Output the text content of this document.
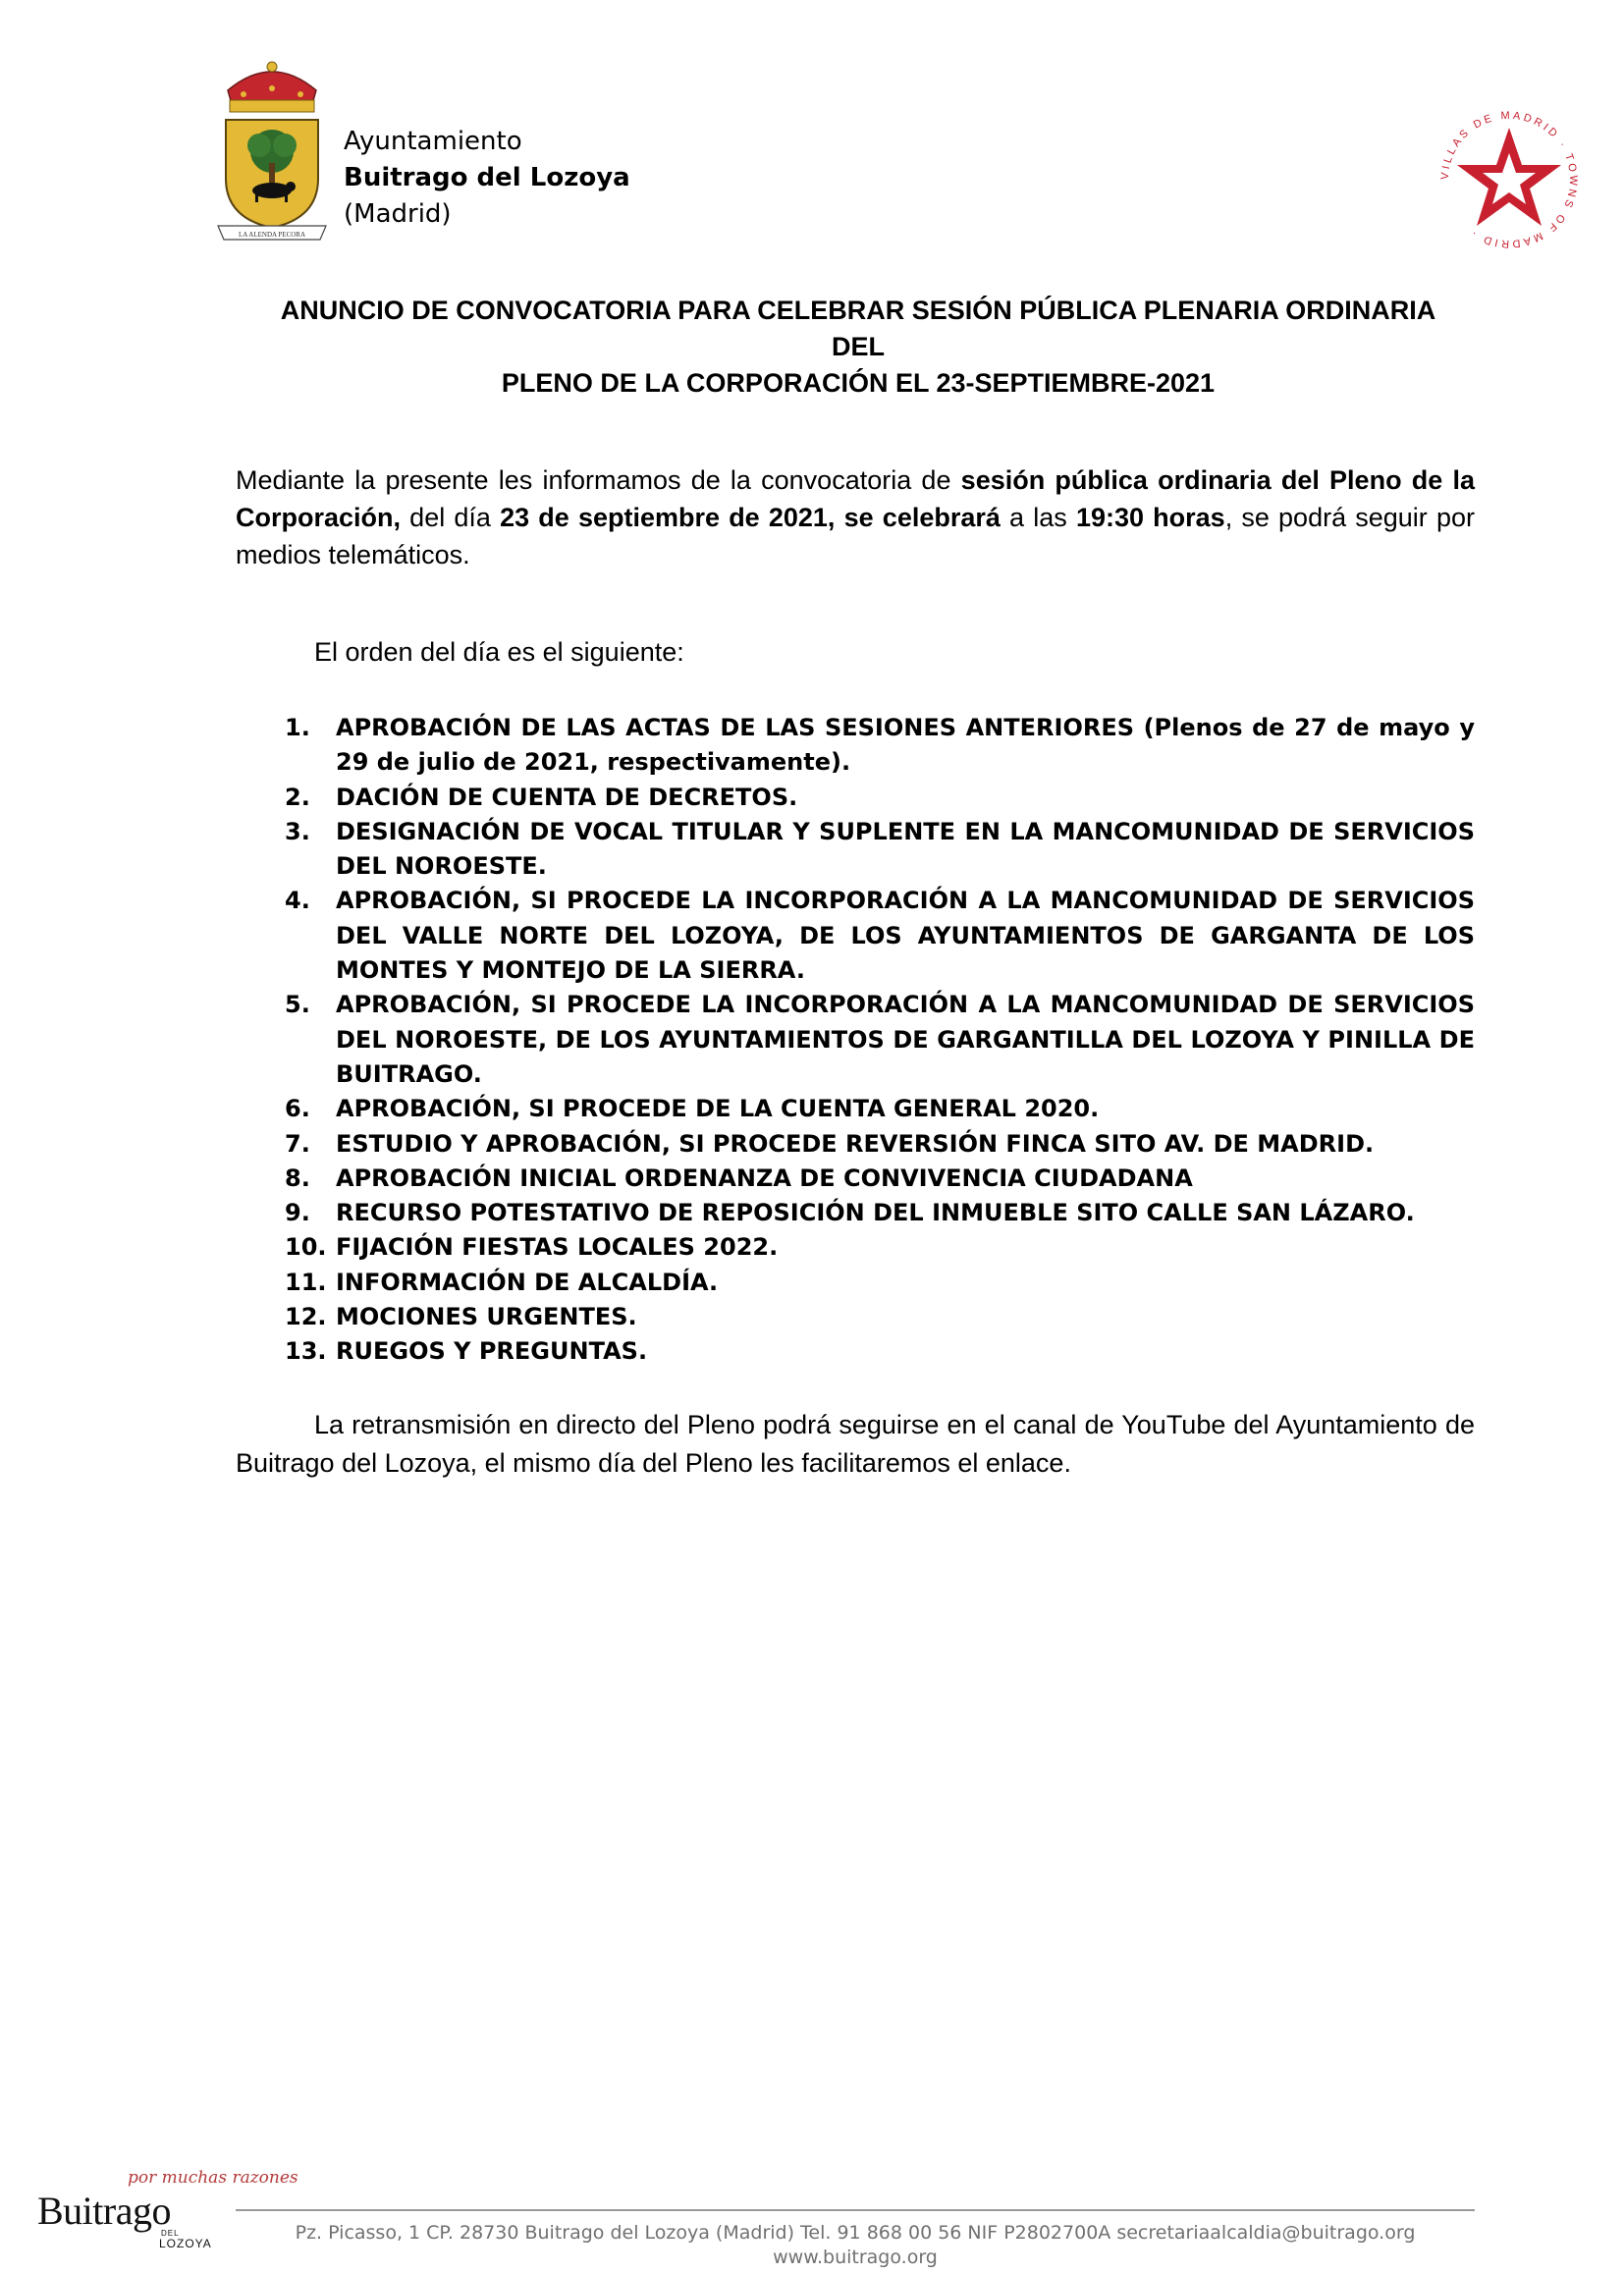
LA ALENDA PECORA
Ayuntamiento
Buitrago del Lozoya
(Madrid)
VILLAS DE MADRID · TOWNS OF MADRID ·
ANUNCIO DE CONVOCATORIA PARA CELEBRAR SESIÓN PÚBLICA PLENARIA ORDINARIA
DEL
PLENO DE LA CORPORACIÓN EL 23-SEPTIEMBRE-2021
Mediante la presente les informamos de la convocatoria de sesión pública ordinaria del Pleno de la Corporación, del día 23 de septiembre de 2021, se celebrará a las 19:30 horas, se podrá seguir por medios telemáticos.
El orden del día es el siguiente:
1. APROBACIÓN DE LAS ACTAS DE LAS SESIONES ANTERIORES (Plenos de 27 de mayo y 29 de julio de 2021, respectivamente).
2. DACIÓN DE CUENTA DE DECRETOS.
3. DESIGNACIÓN DE VOCAL TITULAR Y SUPLENTE EN LA MANCOMUNIDAD DE SERVICIOS DEL NOROESTE.
4. APROBACIÓN, SI PROCEDE LA INCORPORACIÓN A LA MANCOMUNIDAD DE SERVICIOS DEL VALLE NORTE DEL LOZOYA, DE LOS AYUNTAMIENTOS DE GARGANTA DE LOS MONTES Y MONTEJO DE LA SIERRA.
5. APROBACIÓN, SI PROCEDE LA INCORPORACIÓN A LA MANCOMUNIDAD DE SERVICIOS DEL NOROESTE, DE LOS AYUNTAMIENTOS DE GARGANTILLA DEL LOZOYA Y PINILLA DE BUITRAGO.
6. APROBACIÓN, SI PROCEDE DE LA CUENTA GENERAL 2020.
7. ESTUDIO Y APROBACIÓN, SI PROCEDE REVERSIÓN FINCA SITO AV. DE MADRID.
8. APROBACIÓN INICIAL ORDENANZA DE CONVIVENCIA CIUDADANA
9. RECURSO POTESTATIVO DE REPOSICIÓN DEL INMUEBLE SITO CALLE SAN LÁZARO.
10. FIJACIÓN FIESTAS LOCALES 2022.
11. INFORMACIÓN DE ALCALDÍA.
12. MOCIONES URGENTES.
13. RUEGOS Y PREGUNTAS.
La retransmisión en directo del Pleno podrá seguirse en el canal de YouTube del Ayuntamiento de Buitrago del Lozoya, el mismo día del Pleno les facilitaremos el enlace.
por muchas razones
Buitrago
DEL
LOZOYA	Pz. Picasso, 1 CP. 28730 Buitrago del Lozoya (Madrid) Tel. 91 868 00 56 NIF P2802700A secretariaalcaldia@buitrago.org
www.buitrago.org
